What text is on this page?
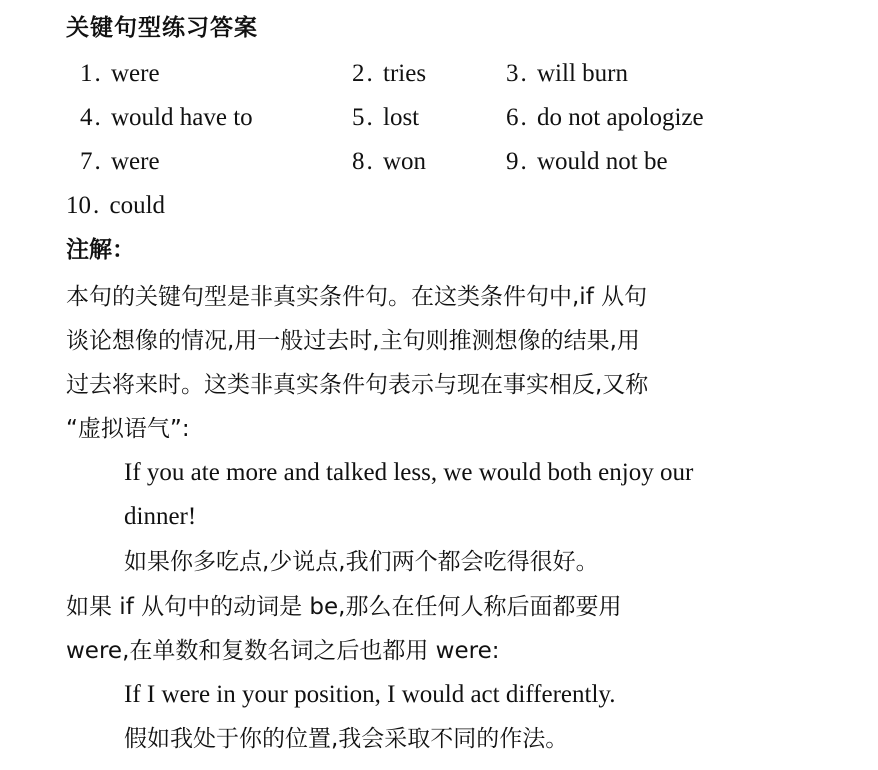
关键句型练习答案
1. were	2. tries	3. will burn
4. would have to	5. lost	6. do not apologize
7. were	8. won	9. would not be
10. could
注解：
本句的关键句型是非真实条件句。在这类条件句中,if 从句
谈论想像的情况,用一般过去时,主句则推测想像的结果,用
过去将来时。这类非真实条件句表示与现在事实相反,又称
“虚拟语气”:
If you ate more and talked less, we would both enjoy our
dinner!
如果你多吃点,少说点,我们两个都会吃得很好。
如果 if 从句中的动词是 be,那么在任何人称后面都要用
were,在单数和复数名词之后也都用 were:
If I were in your position, I would act differently.
假如我处于你的位置,我会采取不同的作法。
